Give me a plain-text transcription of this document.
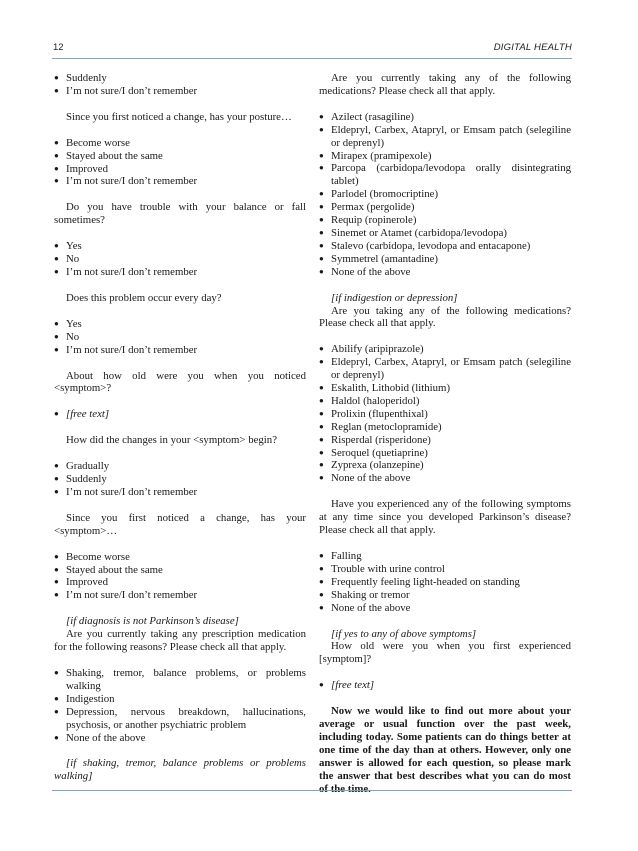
12	DIGITAL HEALTH
● Suddenly
● I’m not sure/I don’t remember

Since you first noticed a change, has your posture…

● Become worse
● Stayed about the same
● Improved
● I’m not sure/I don’t remember

Do you have trouble with your balance or fall sometimes?

● Yes
● No
● I’m not sure/I don’t remember

Does this problem occur every day?

● Yes
● No
● I’m not sure/I don’t remember

About how old were you when you noticed <symptom>?

● [free text]

How did the changes in your <symptom> begin?

● Gradually
● Suddenly
● I’m not sure/I don’t remember

Since you first noticed a change, has your <symptom>…

● Become worse
● Stayed about the same
● Improved
● I’m not sure/I don’t remember

[if diagnosis is not Parkinson’s disease]

Are you currently taking any prescription medication for the following reasons? Please check all that apply.

● Shaking, tremor, balance problems, or problems walking
● Indigestion
● Depression, nervous breakdown, hallucinations, psychosis, or another psychiatric problem
● None of the above

[if shaking, tremor, balance problems or problems walking]

Are you currently taking any of the following medications? Please check all that apply.

● Azilect (rasagiline)
● Eldepryl, Carbex, Atapryl, or Emsam patch (selegiline or deprenyl)
● Mirapex (pramipexole)
● Parcopa (carbidopa/levodopa orally disintegrating tablet)
● Parlodel (bromocriptine)
● Permax (pergolide)
● Requip (ropinerole)
● Sinemet or Atamet (carbidopa/levodopa)
● Stalevo (carbidopa, levodopa and entacapone)
● Symmetrel (amantadine)
● None of the above

[if indigestion or depression]

Are you taking any of the following medications? Please check all that apply.

● Abilify (aripiprazole)
● Eldepryl, Carbex, Atapryl, or Emsam patch (selegiline or deprenyl)
● Eskalith, Lithobid (lithium)
● Haldol (haloperidol)
● Prolixin (flupenthixal)
● Reglan (metoclopramide)
● Risperdal (risperidone)
● Seroquel (quetiaprine)
● Zyprexa (olanzepine)
● None of the above

Have you experienced any of the following symptoms at any time since you developed Parkinson’s disease? Please check all that apply.

● Falling
● Trouble with urine control
● Frequently feeling light-headed on standing
● Shaking or tremor
● None of the above

[if yes to any of above symptoms]

How old were you when you first experienced [symptom]?

● [free text]

Now we would like to find out more about your average or usual function over the past week, including today. Some patients can do things better at one time of the day than at others. However, only one answer is allowed for each question, so please mark the answer that best describes what you can do most of the time.
